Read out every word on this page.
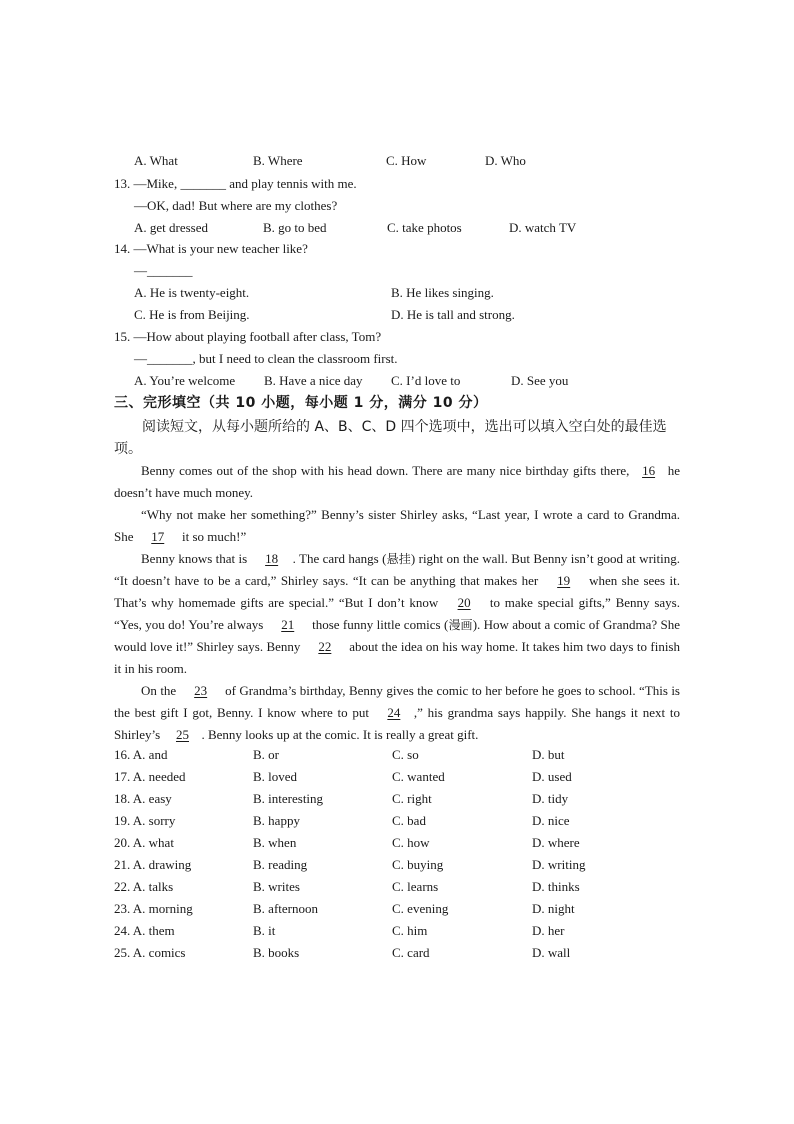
A. What	B. Where	C. How	D. Who
13. —Mike, _______ and play tennis with me.
—OK, dad! But where are my clothes?
A. get dressed	B. go to bed	C. take photos	D. watch TV
14. —What is your new teacher like?
—_______
A. He is twenty-eight.	B. He likes singing.
C. He is from Beijing.	D. He is tall and strong.
15. —How about playing football after class, Tom?
—_______, but I need to clean the classroom first.
A. You’re welcome B. Have a nice day C. I’d love to	D. See you
三、完形填空（共 10 小题，每小题 1 分，满分 10 分）
阅读短文，从每小题所给的 A、B、C、D 四个选项中，选出可以填入空白处的最佳选项。
Benny comes out of the shop with his head down. There are many nice birthday gifts there, 16 he doesn’t have much money.
“Why not make her something?” Benny’s sister Shirley asks, “Last year, I wrote a card to Grandma. She 17 it so much!”
Benny knows that is 18 . The card hangs (悬挂) right on the wall. But Benny isn’t good at writing. “It doesn’t have to be a card,” Shirley says. “It can be anything that makes her 19 when she sees it. That’s why homemade gifts are special.” “But I don’t know 20 to make special gifts,” Benny says. “Yes, you do! You’re always 21 those funny little comics (漫画). How about a comic of Grandma? She would love it!” Shirley says. Benny 22 about the idea on his way home. It takes him two days to finish it in his room.
On the 23 of Grandma’s birthday, Benny gives the comic to her before he goes to school. “This is the best gift I got, Benny. I know where to put 24 ,” his grandma says happily. She hangs it next to Shirley’s 25 . Benny looks up at the comic. It is really a great gift.
16. A. and	B. or	C. so	D. but
17. A. needed	B. loved	C. wanted	D. used
18. A. easy	B. interesting	C. right	D. tidy
19. A. sorry	B. happy	C. bad	D. nice
20. A. what	B. when	C. how	D. where
21. A. drawing	B. reading	C. buying	D. writing
22. A. talks	B. writes	C. learns	D. thinks
23. A. morning	B. afternoon	C. evening	D. night
24. A. them	B. it	C. him	D. her
25. A. comics	B. books	C. card	D. wall
